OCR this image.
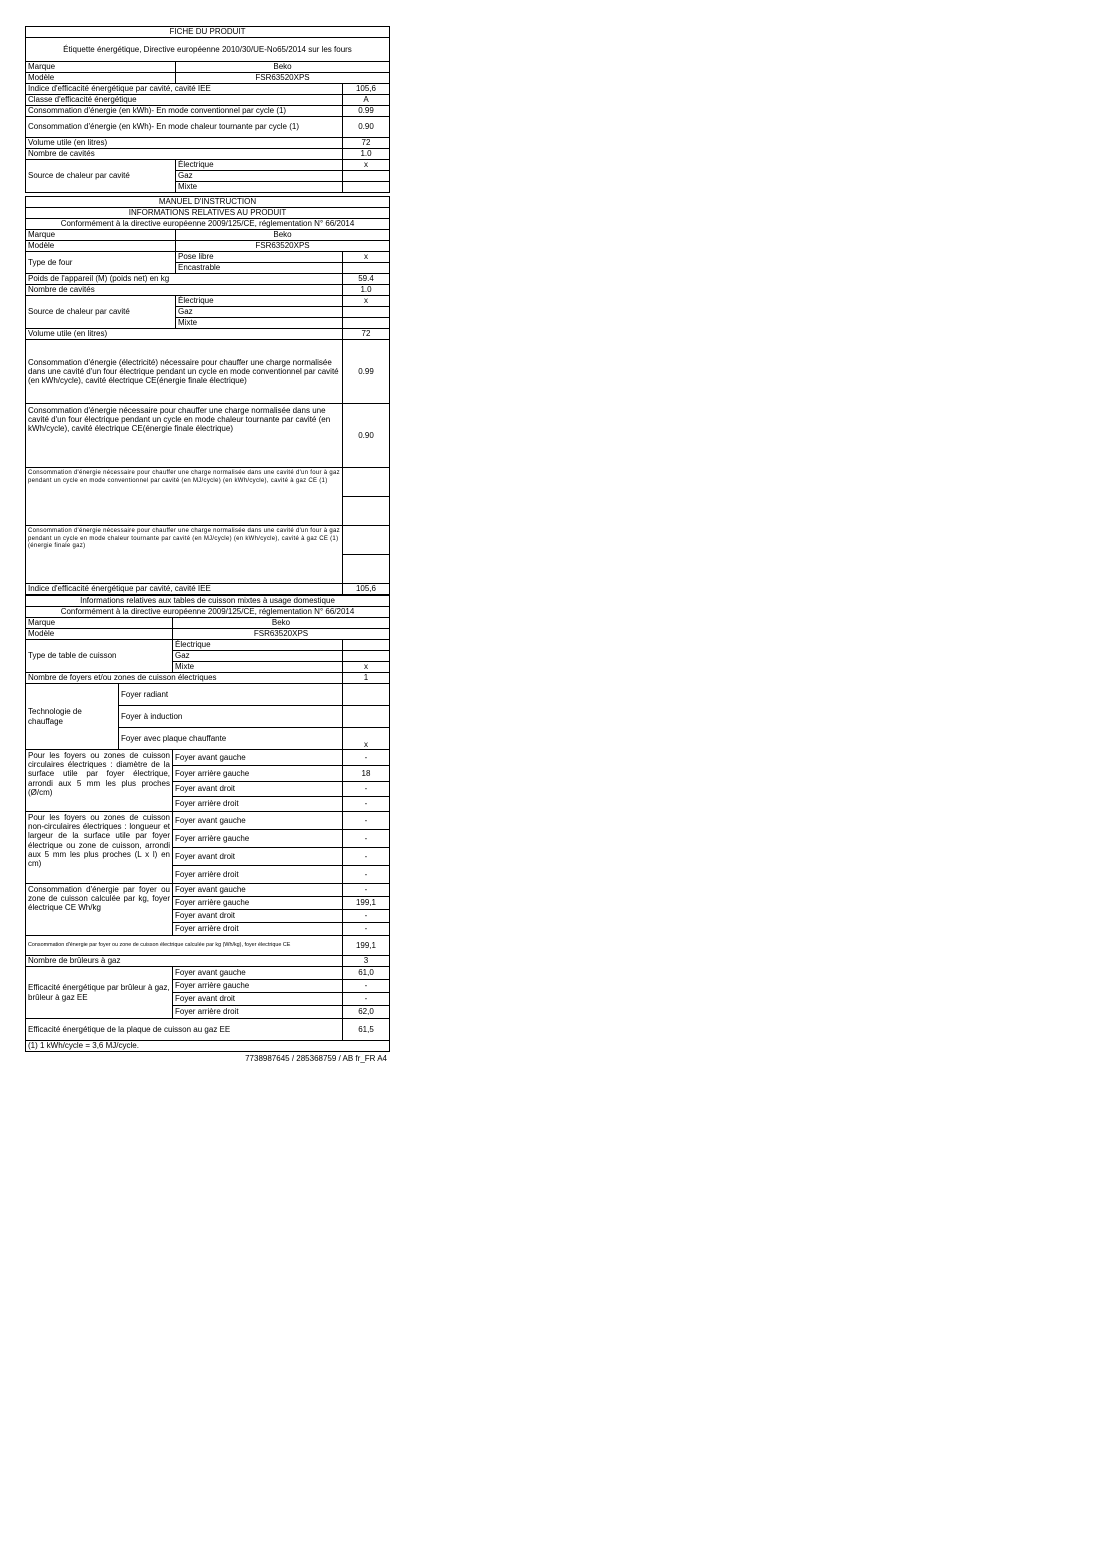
FICHE DU PRODUIT		
Étiquette énergétique, Directive européenne 2010/30/UE-No65/2014 sur les fours		
Marque	Beko	
Modèle	FSR63520XPS	
Indice d'efficacité énergétique par cavité, cavité IEE		105,6
Classe d'efficacité énergétique		A
Consommation d'énergie (en kWh)- En mode conventionnel par cycle (1)		0.99
Consommation d'énergie (en kWh)- En mode chaleur tournante par cycle (1)		0.90
Volume utile (en litres)		72
Nombre de cavités		1.0
Source de chaleur par cavité	Électrique	x
	Gaz	
	Mixte	
MANUEL D'INSTRUCTION		
INFORMATIONS RELATIVES AU PRODUIT		
Conformément à la directive européenne 2009/125/CE, réglementation N° 66/2014		
Marque	Beko	
Modèle	FSR63520XPS	
Type de four	Pose libre	x
	Encastrable	
Poids de l'appareil (M) (poids net) en kg		59.4
Nombre de cavités		1.0
Source de chaleur par cavité	Électrique	x
	Gaz	
	Mixte	
Volume utile (en litres)		72
Consommation d'énergie (électricité) nécessaire pour chauffer une charge normalisée dans une cavité d'un four électrique pendant un cycle en mode conventionnel par cavité (en kWh/cycle), cavité électrique CE(énergie finale électrique)		0.99
Consommation d'énergie nécessaire pour chauffer une charge normalisée dans une cavité d'un four électrique pendant un cycle en mode chaleur tournante par cavité (en kWh/cycle), cavité électrique CE(énergie finale électrique)		0.90
Consommation d'énergie nécessaire pour chauffer une charge normalisée dans une cavité d'un four à gaz pendant un cycle en mode conventionnel par cavité (en MJ/cycle) (en kWh/cycle), cavité à gaz CE (1)		

Consommation d'énergie nécessaire pour chauffer une charge normalisée dans une cavité d'un four à gaz pendant un cycle en mode chaleur tournante par cavité (en MJ/cycle) (en kWh/cycle), cavité à gaz CE (1)(énergie finale gaz)		

Indice d'efficacité énergétique par cavité, cavité IEE		105,6
Informations relatives aux tables de cuisson mixtes à usage domestique			
Conformément à la directive européenne 2009/125/CE, réglementation N° 66/2014			
Marque		Beko	
Modèle		FSR63520XPS	
Type de table de cuisson		Électrique	
		Gaz	
		Mixte	x
Nombre de foyers et/ou zones de cuisson électriques			1
Technologie de chauffage	Foyer radiant		
	Foyer à induction		
	Foyer avec plaque chauffante		x
Pour les foyers ou zones de cuisson circulaires électriques : diamètre de la surface utile par foyer électrique, arrondi aux 5 mm les plus proches (Ø/cm)		Foyer avant gauche	-
		Foyer arrière gauche	18
		Foyer avant droit	-
		Foyer arrière droit	-
Pour les foyers ou zones de cuisson non-circulaires électriques : longueur et largeur de la surface utile par foyer électrique ou zone de cuisson, arrondi aux 5 mm les plus proches (L x l) en cm)		Foyer avant gauche	-
		Foyer arrière gauche	-
		Foyer avant droit	-
		Foyer arrière droit	-
Consommation d'énergie par foyer ou zone de cuisson calculée par kg, foyer électrique CE Wh/kg		Foyer avant gauche	-
		Foyer arrière gauche	199,1
		Foyer avant droit	-
		Foyer arrière droit	-
Consommation d'énergie par foyer ou zone de cuisson électrique calculée par kg (Wh/kg), foyer électrique CE			199,1
Nombre de brûleurs à gaz			3
Efficacité énergétique par brûleur à gaz, brûleur à gaz EE		Foyer avant gauche	61,0
		Foyer arrière gauche	-
		Foyer avant droit	-
		Foyer arrière droit	62,0
Efficacité énergétique de la plaque de cuisson au gaz EE			61,5
(1) 1 kWh/cycle = 3,6 MJ/cycle.			
7738987645 / 285368759 / AB fr_FR A4
